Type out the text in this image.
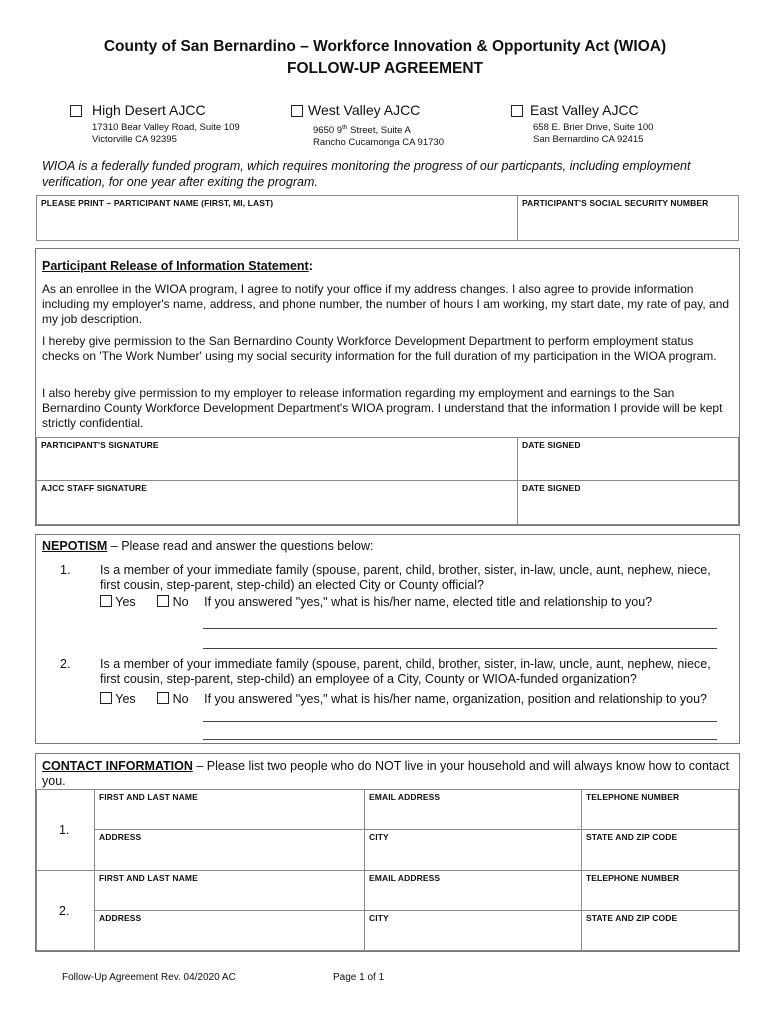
County of San Bernardino – Workforce Innovation & Opportunity Act (WIOA)
FOLLOW-UP AGREEMENT
High Desert AJCC
17310 Bear Valley Road, Suite 109
Victorville CA 92395
West Valley AJCC
9650 9th Street, Suite A
Rancho Cucamonga CA 91730
East Valley AJCC
658 E. Brier Drive, Suite 100
San Bernardino CA 92415
WIOA is a federally funded program, which requires monitoring the progress of our particpants, including employment verification, for one year after exiting the program.
PLEASE PRINT – PARTICIPANT NAME (FIRST, MI, LAST)	PARTICIPANT'S SOCIAL SECURITY NUMBER
Participant Release of Information Statement:
As an enrollee in the WIOA program, I agree to notify your office if my address changes. I also agree to provide information including my employer's name, address, and phone number, the number of hours I am working, my start date, my rate of pay, and my job description.
I hereby give permission to the San Bernardino County Workforce Development Department to perform employment status checks on 'The Work Number' using my social security information for the full duration of my participation in the WIOA program.
I also hereby give permission to my employer to release information regarding my employment and earnings to the San Bernardino County Workforce Development Department's WIOA program. I understand that the information I provide will be kept strictly confidential.
PARTICIPANT'S SIGNATURE	DATE SIGNED
AJCC STAFF SIGNATURE	DATE SIGNED
NEPOTISM – Please read and answer the questions below:
1. Is a member of your immediate family (spouse, parent, child, brother, sister, in-law, uncle, aunt, nephew, niece, first cousin, step-parent, step-child) an elected City or County official?
Yes	No If you answered "yes," what is his/her name, elected title and relationship to you?
2. Is a member of your immediate family (spouse, parent, child, brother, sister, in-law, uncle, aunt, nephew, niece, first cousin, step-parent, step-child) an employee of a City, County or WIOA-funded organization?
Yes	No If you answered "yes," what is his/her name, organization, position and relationship to you?
CONTACT INFORMATION – Please list two people who do NOT live in your household and will always know how to contact you.
1.
FIRST AND LAST NAME	EMAIL ADDRESS	TELEPHONE NUMBER
ADDRESS	CITY	STATE AND ZIP CODE
2.
FIRST AND LAST NAME	EMAIL ADDRESS	TELEPHONE NUMBER
ADDRESS	CITY	STATE AND ZIP CODE
Follow-Up Agreement Rev. 04/2020 AC	Page 1 of 1
